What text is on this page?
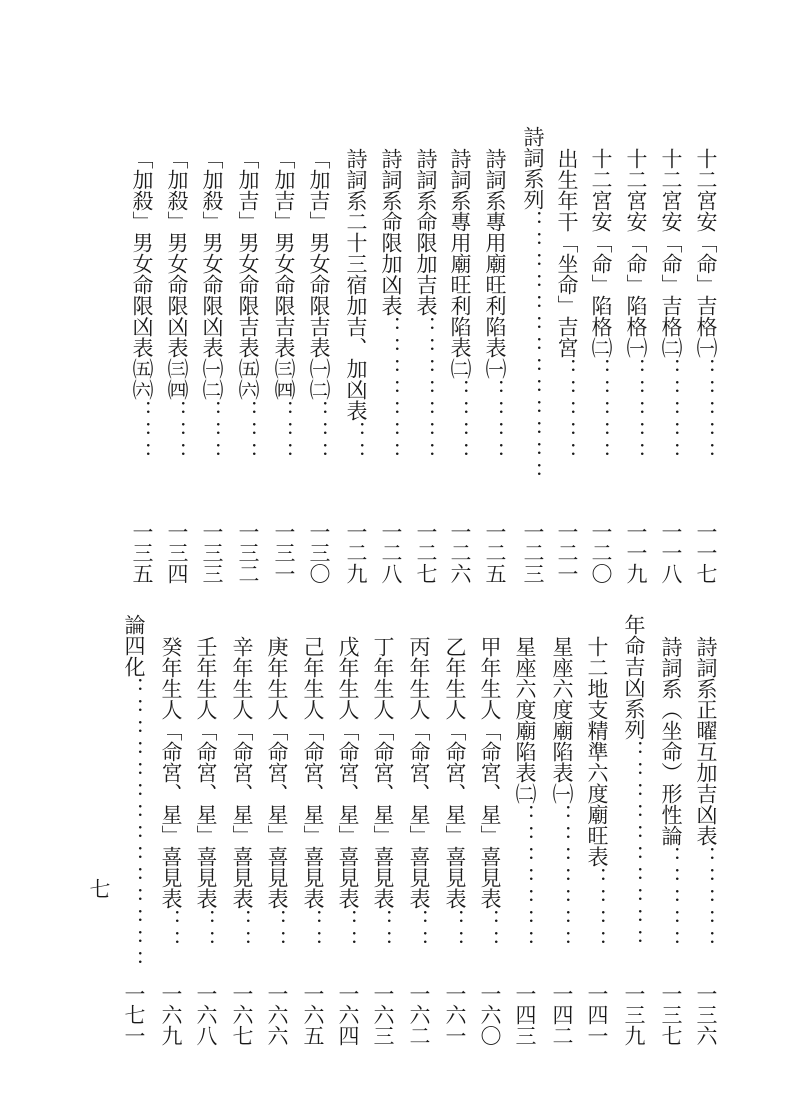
十二宮安「命」吉格㈠
：：：：：
一一七
十二宮安「命」吉格㈡
：：：：：
一一八
十二宮安「命」陷格㈠
：：：：：
一一九
十二宮安「命」陷格㈡
：：：：：
一二〇
出生年干「坐命」吉宮
：：：：：
一二一
詩詞系列
：：：：：：：：：：：：：
一二三
詩詞系專用廟旺利陷表㈠
：：：：
一二五
詩詞系專用廟旺利陷表㈡
：：：：
一二六
詩詞系命限加吉表
：：：：：：：
一二七
詩詞系命限加凶表
：：：：：：：
一二八
詩詞系二十三宿加吉、加凶表
：：
一二九
「加吉」男女命限吉表㈠㈡
：：：
一三〇
「加吉」男女命限吉表㈢㈣
：：：
一三一
「加吉」男女命限吉表㈤㈥
：：：
一三二
「加殺」男女命限凶表㈠㈡
：：：
一三三
「加殺」男女命限凶表㈢㈣
：：：
一三四
「加殺」男女命限凶表㈤㈥
：：：
一三五
詩詞系正曜互加吉凶表
：：：：：
一三六
詩詞系（坐命）形性論
：：：：：
一三七
年命吉凶系列
：：：：：：：：：：
一三九
十二地支精準六度廟旺表
：：：：
一四一
星座六度廟陷表㈠
：：：：：：：
一四二
星座六度廟陷表㈡
：：：：：：：
一四三
甲年生人「命宮、星」喜見表
：：
一六〇
乙年生人「命宮、星」喜見表
：：
一六一
丙年生人「命宮、星」喜見表
：：
一六二
丁年生人「命宮、星」喜見表
：：
一六三
戊年生人「命宮、星」喜見表
：：
一六四
己年生人「命宮、星」喜見表
：：
一六五
庚年生人「命宮、星」喜見表
：：
一六六
辛年生人「命宮、星」喜見表
：：
一六七
壬年生人「命宮、星」喜見表
：：
一六八
癸年生人「命宮、星」喜見表
：：
一六九
論四化
：：：：：：：：：：：：：：
一七一
七
